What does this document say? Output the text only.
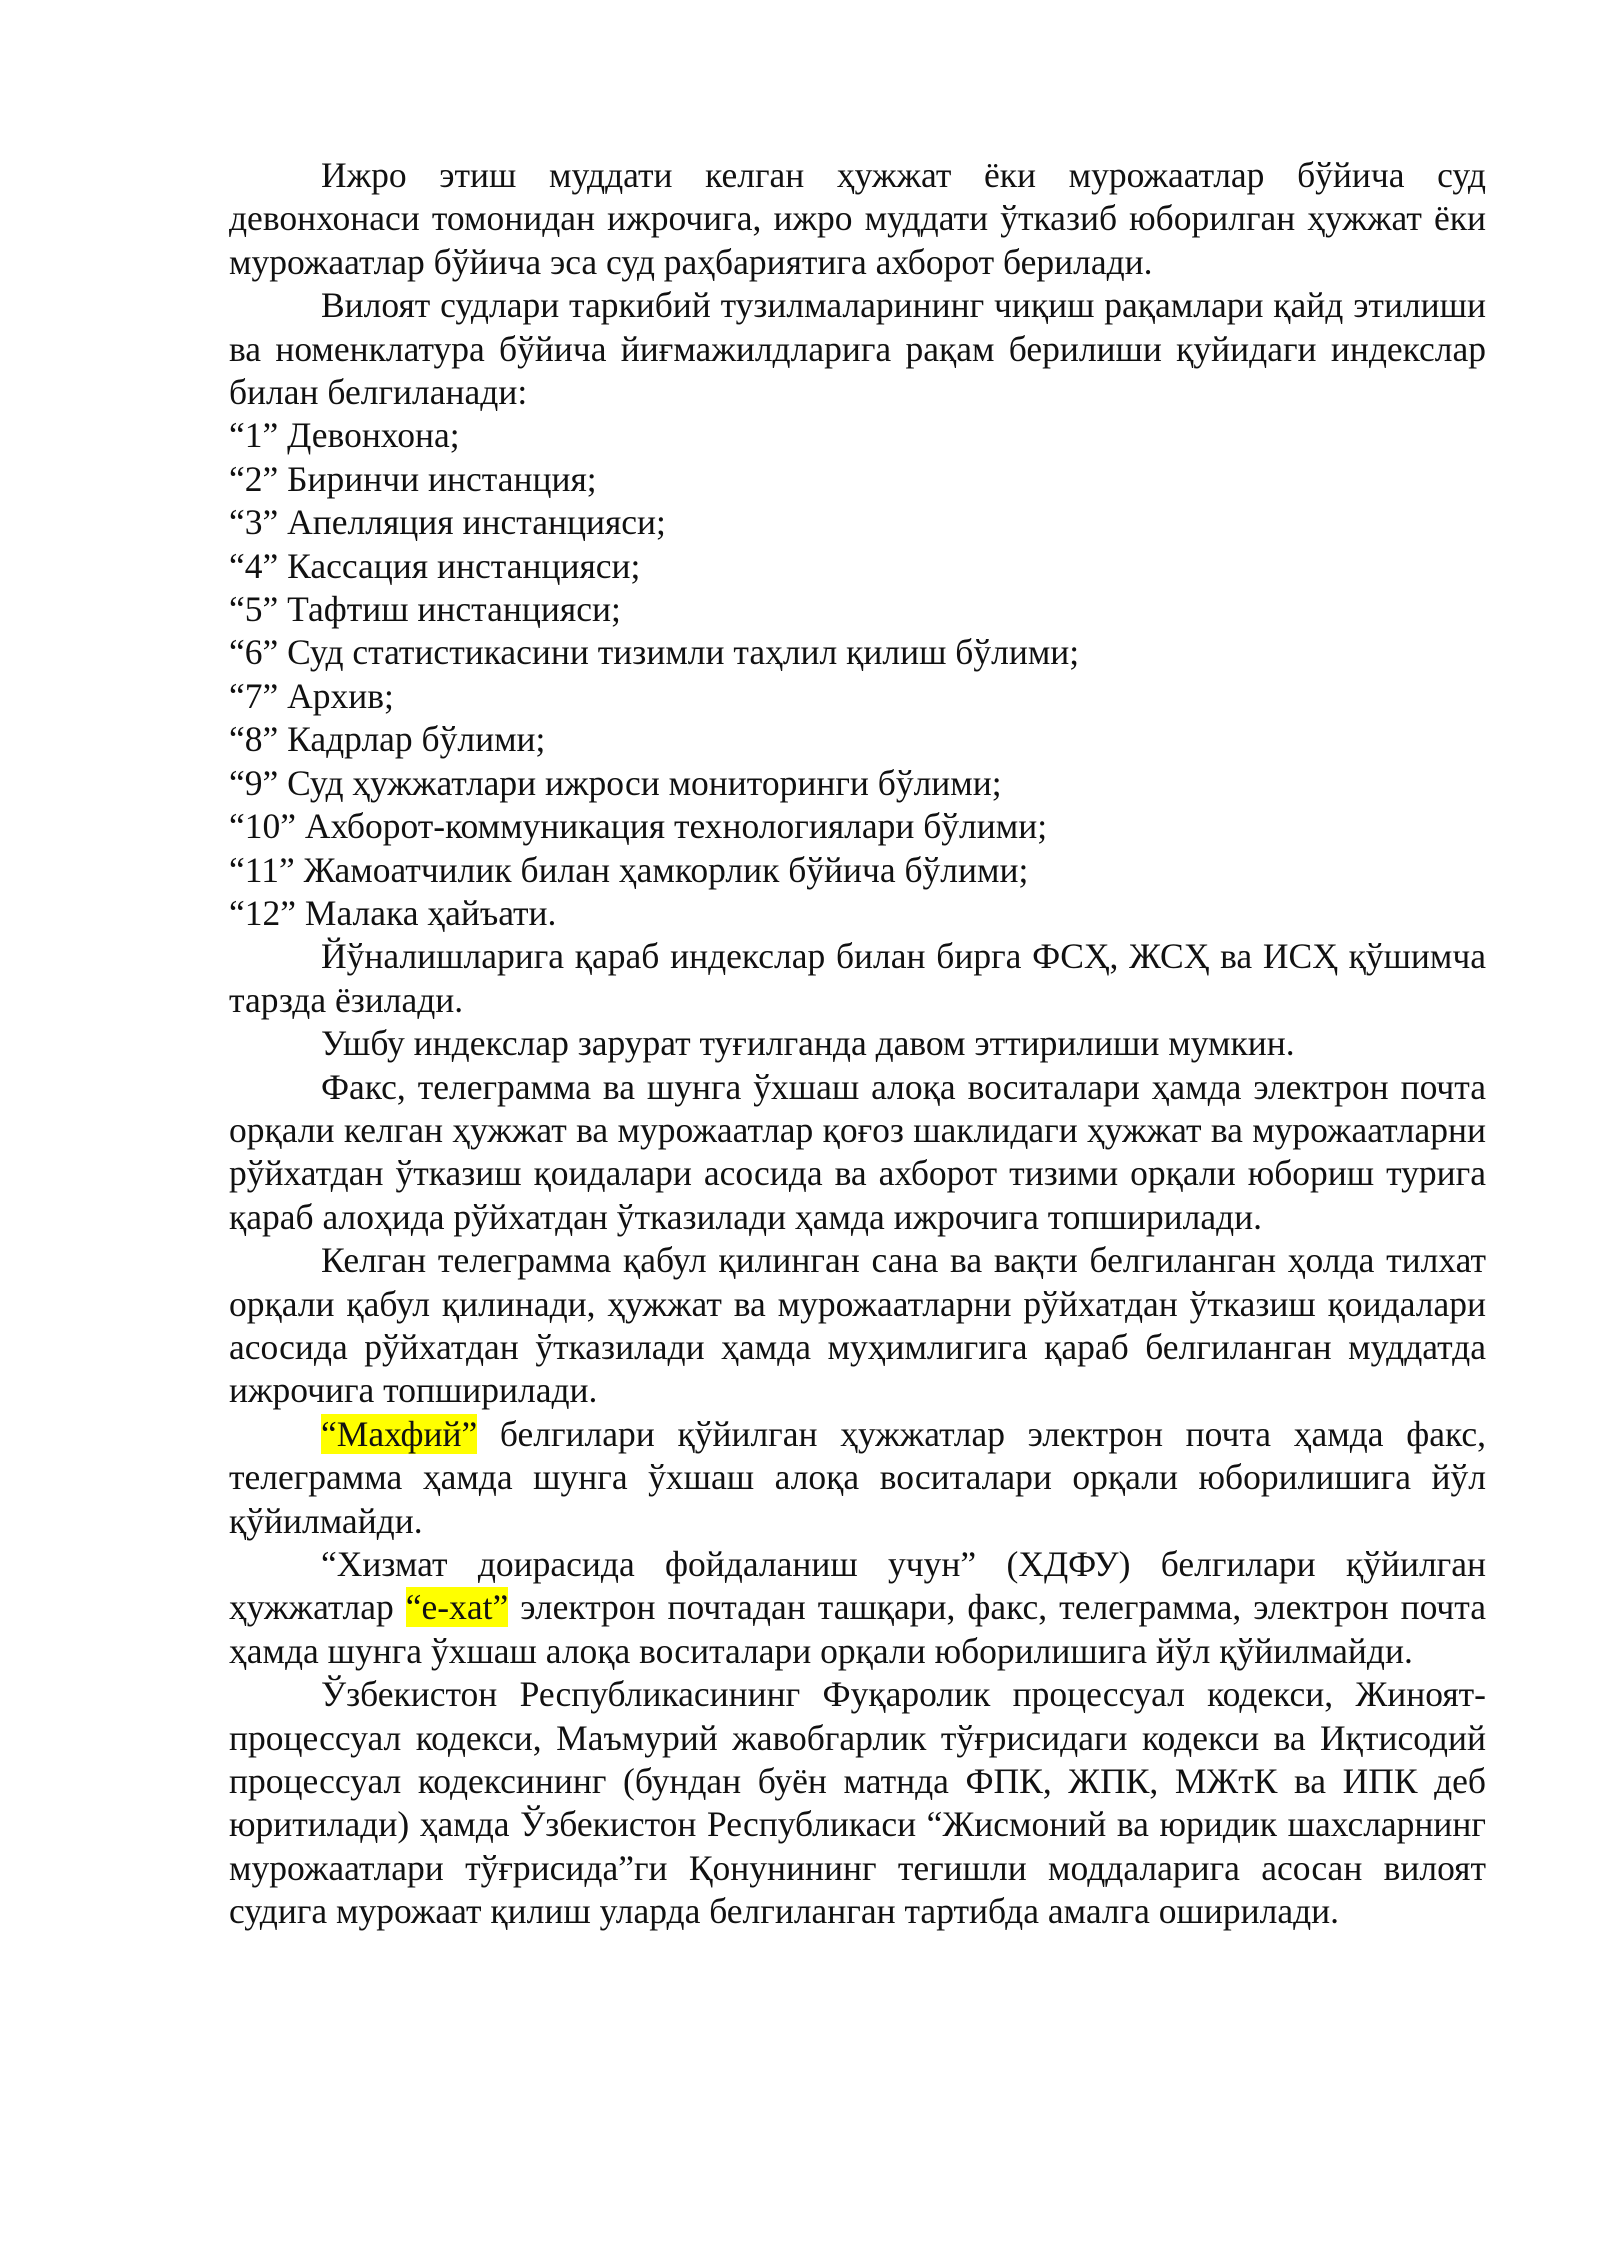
Ижро этиш муддати келган ҳужжат ёки мурожаатлар бўйича суд девонхонаси томонидан ижрочига, ижро муддати ўтказиб юборилган ҳужжат ёки мурожаатлар бўйича эса суд раҳбариятига ахборот берилади.

Вилоят судлари таркибий тузилмаларининг чиқиш рақамлари қайд этилиши ва номенклатура бўйича йиғмажилдларига рақам берилиши қуйидаги индекслар билан белгиланади:

“1” Девонхона;

“2” Биринчи инстанция;

“3” Апелляция инстанцияси;

“4” Кассация инстанцияси;

“5” Тафтиш инстанцияси;

“6” Суд статистикасини тизимли таҳлил қилиш бўлими;

“7” Архив;

“8” Кадрлар бўлими;

“9” Суд ҳужжатлари ижроси мониторинги бўлими;

“10” Ахборот-коммуникация технологиялари бўлими;

“11” Жамоатчилик билан ҳамкорлик бўйича бўлими;

“12” Малака ҳайъати.

Йўналишларига қараб индекслар билан бирга ФСҲ, ЖСҲ ва ИСҲ қўшимча тарзда ёзилади.

Ушбу индекслар зарурат туғилганда давом эттирилиши мумкин.

Факс, телеграмма ва шунга ўхшаш алоқа воситалари ҳамда электрон почта орқали келган ҳужжат ва мурожаатлар қоғоз шаклидаги ҳужжат ва мурожаатларни рўйхатдан ўтказиш қоидалари асосида ва ахборот тизими орқали юбориш турига қараб алоҳида рўйхатдан ўтказилади ҳамда ижрочига топширилади.

Келган телеграмма қабул қилинган сана ва вақти белгиланган ҳолда тилхат орқали қабул қилинади, ҳужжат ва мурожаатларни рўйхатдан ўтказиш қоидалари асосида рўйхатдан ўтказилади ҳамда муҳимлигига қараб белгиланган муддатда ижрочига топширилади.

“Махфий” белгилари қўйилган ҳужжатлар электрон почта ҳамда факс, телеграмма ҳамда шунга ўхшаш алоқа воситалари орқали юборилишига йўл қўйилмайди.

“Хизмат доирасида фойдаланиш учун” (ХДФУ) белгилари қўйилган ҳужжатлар “e-xat” электрон почтадан ташқари, факс, телеграмма, электрон почта ҳамда шунга ўхшаш алоқа воситалари орқали юборилишига йўл қўйилмайди.

Ўзбекистон Республикасининг Фуқаролик процессуал кодекси, Жиноят-процессуал кодекси, Маъмурий жавобгарлик тўғрисидаги кодекси ва Иқтисодий процессуал кодексининг (бундан буён матнда ФПК, ЖПК, МЖтК ва ИПК деб юритилади) ҳамда Ўзбекистон Республикаси “Жисмоний ва юридик шахсларнинг мурожаатлари тўғрисида”ги Қонунининг тегишли моддаларига асосан вилоят судига мурожаат қилиш уларда белгиланган тартибда амалга оширилади.
